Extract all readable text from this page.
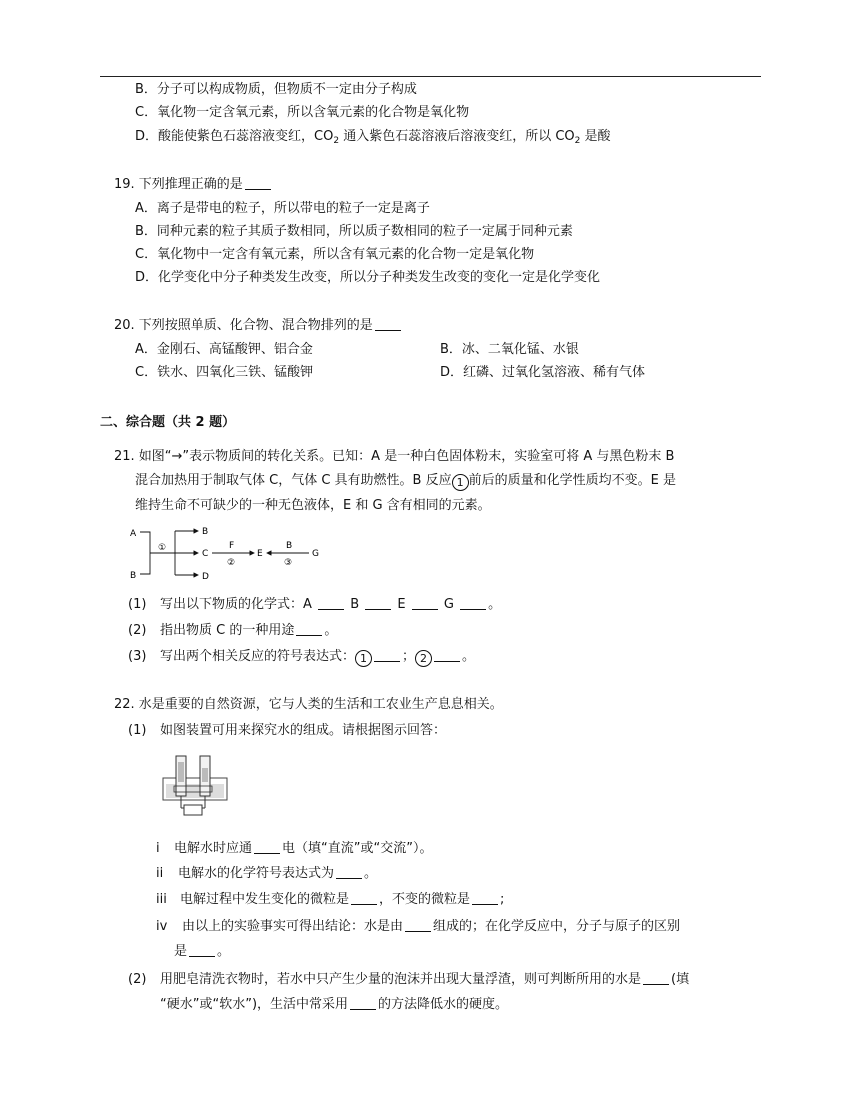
B．分子可以构成物质，但物质不一定由分子构成
C．氧化物一定含氧元素，所以含氧元素的化合物是氧化物
D．酸能使紫色石蕊溶液变红，$CO_2$ 通入紫色石蕊溶液后溶液变红，所以 $CO_2$ 是酸
19. 下列推理正确的是
A．离子是带电的粒子，所以带电的粒子一定是离子
B．同种元素的粒子其质子数相同，所以质子数相同的粒子一定属于同种元素
C．氧化物中一定含有氧元素，所以含有氧元素的化合物一定是氧化物
D．化学变化中分子种类发生改变，所以分子种类发生改变的变化一定是化学变化
20. 下列按照单质、化合物、混合物排列的是
A．金刚石、高锰酸钾、铝合金	B．冰、二氧化锰、水银
C．铁水、四氧化三铁、锰酸钾	D．红磷、过氧化氢溶液、稀有气体
二、综合题（共 2 题）
21. 如图“→”表示物质间的转化关系。已知：A 是一种白色固体粉末，实验室可将 A 与黑色粉末 B
混合加热用于制取气体 C，气体 C 具有助燃性。B 反应 1 前后的质量和化学性质均不变。E 是
维持生命不可缺少的一种无色液体，E 和 G 含有相同的元素。
A
B
①
B
C
D
F
②
E
B
③
G
(1) 写出以下物质的化学式：A	B	E	G	。
(2) 指出物质 C 的一种用途 。
(3) 写出两个相关反应的符号表达式： 1	； 2	。
22. 水是重要的自然资源，它与人类的生活和工农业生产息息相关。
(1) 如图装置可用来探究水的组成。请根据图示回答：
i 电解水时应通 电（填“直流”或“交流”）。
ii 电解水的化学符号表达式为 。
iii 电解过程中发生变化的微粒是 ，不变的微粒是 ;
iv 由以上的实验事实可得出结论：水是由 组成的；在化学反应中，分子与原子的区别
是 。
(2) 用肥皂清洗衣物时，若水中只产生少量的泡沫并出现大量浮渣，则可判断所用的水是 (填
“硬水”或“软水”)，生活中常采用 的方法降低水的硬度。
